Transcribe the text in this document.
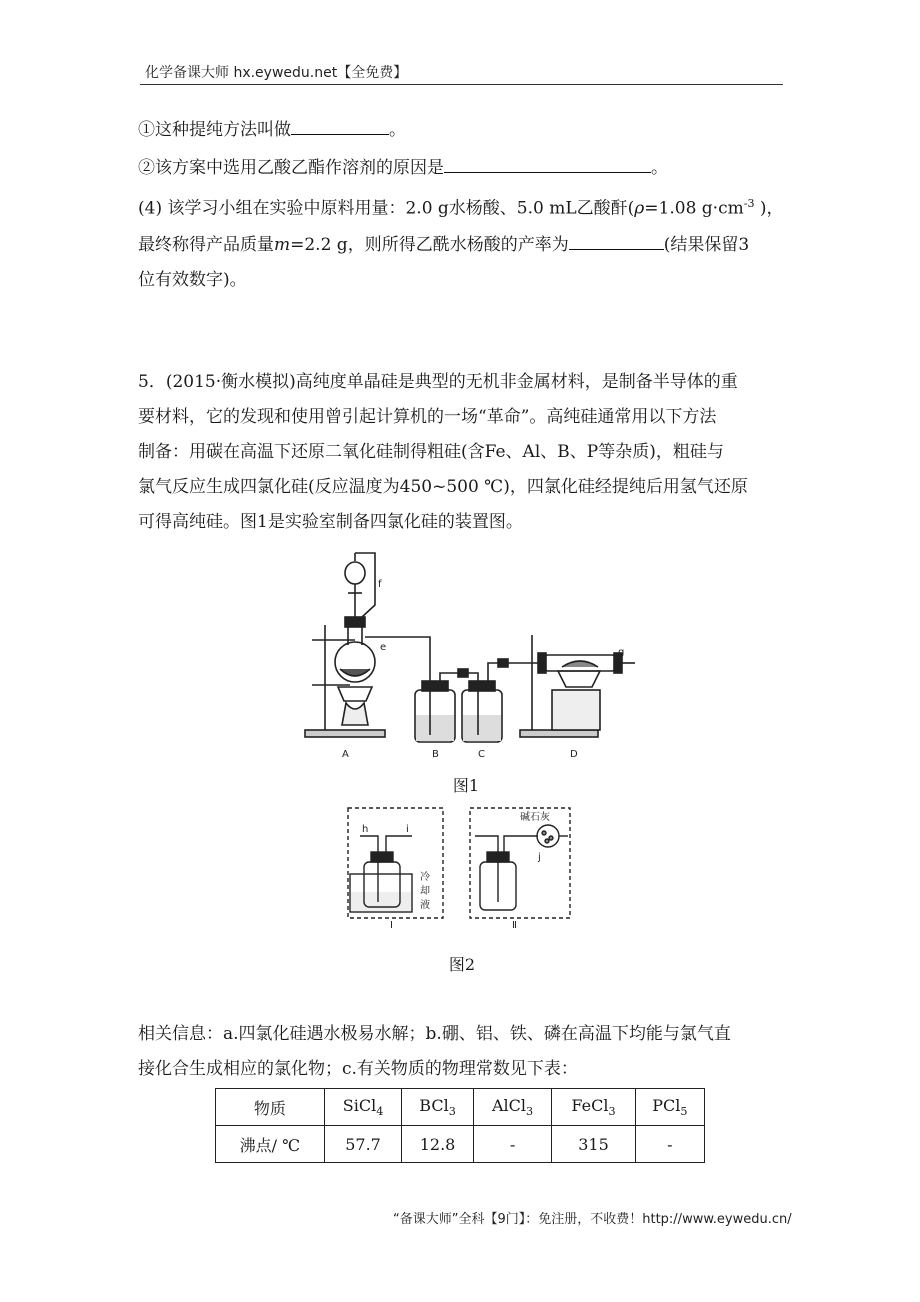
化学备课大师 hx.eywedu.net【全免费】
①这种提纯方法叫做	。
②该方案中选用乙酸乙酯作溶剂的原因是	。
(4) 该学习小组在实验中原料用量：2.0 g水杨酸、5.0 mL乙酸酐(ρ=1.08 $g\cdot cm^{-3}$ )，
最终称得产品质量m=2.2 g，则所得乙酰水杨酸的产率为	(结果保留3
位有效数字)。
5．(2015·衡水模拟)高纯度单晶硅是典型的无机非金属材料，是制备半导体的重
要材料，它的发现和使用曾引起计算机的一场“革命”。高纯硅通常用以下方法
制备：用碳在高温下还原二氧化硅制得粗硅(含Fe、Al、B、P等杂质)，粗硅与
氯气反应生成四氯化硅(反应温度为450~500 ℃)，四氯化硅经提纯后用氢气还原
可得高纯硅。图1是实验室制备四氯化硅的装置图。
f
e	g
A	B	C	D
图1
h	i
冷
却
液
碱石灰
j
I	Ⅱ
图2
相关信息：a.四氯化硅遇水极易水解；b.硼、铝、铁、磷在高温下均能与氯气直
接化合生成相应的氯化物；c.有关物质的物理常数见下表：
物质	SiCl$_4$	BCl$_3$	AlCl$_3$	FeCl$_3$	PCl$_5$
沸点/ ℃	57.7	12.8	-	315	-
“备课大师”全科【9门】：免注册，不收费！http://www.eywedu.cn/
